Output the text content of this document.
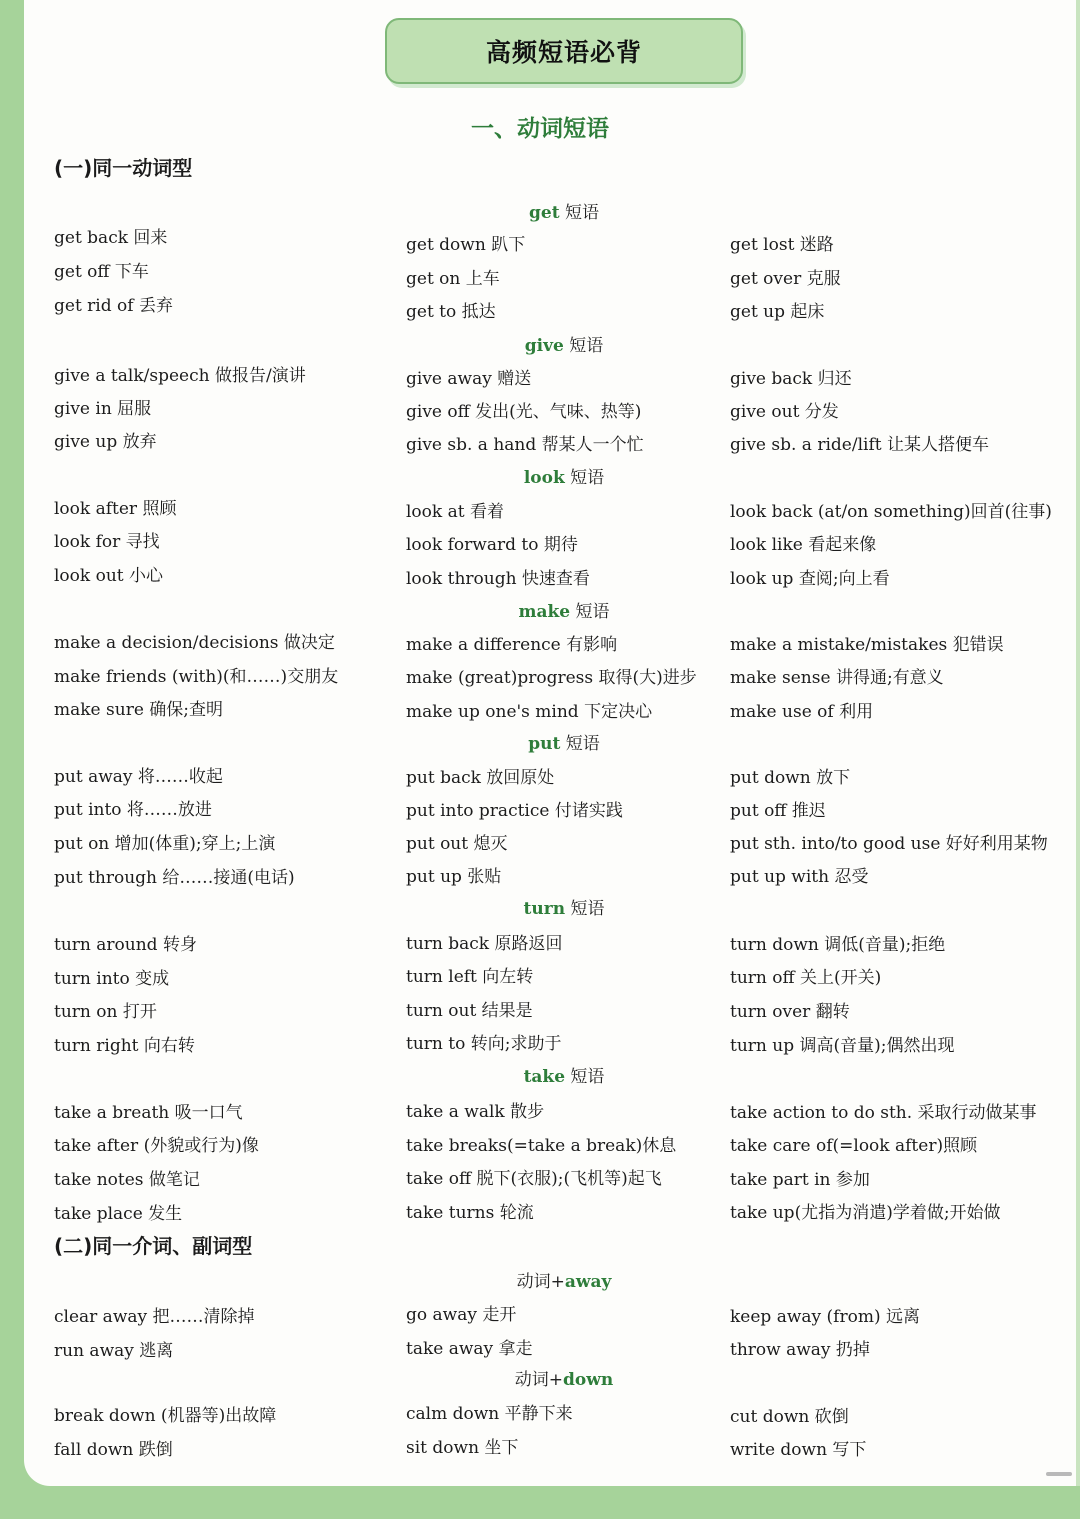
高频短语必背
一、动词短语
(一)同一动词型
(二)同一介词、副词型
get 短语
give 短语
look 短语
make 短语
put 短语
turn 短语
take 短语
动词+away
动词+down
get back 回来
get off 下车
get rid of 丢弃
get down 趴下
get on 上车
get to 抵达
get lost 迷路
get over 克服
get up 起床
give a talk/speech 做报告/演讲
give in 屈服
give up 放弃
give away 赠送
give off 发出(光、气味、热等)
give sb. a hand 帮某人一个忙
give back 归还
give out 分发
give sb. a ride/lift 让某人搭便车
look after 照顾
look for 寻找
look out 小心
look at 看着
look forward to 期待
look through 快速查看
look back (at/on something)回首(往事)
look like 看起来像
look up 查阅;向上看
make a decision/decisions 做决定
make friends (with)(和……)交朋友
make sure 确保;查明
make a difference 有影响
make (great)progress 取得(大)进步
make up one's mind 下定决心
make a mistake/mistakes 犯错误
make sense 讲得通;有意义
make use of 利用
put away 将……收起
put into 将……放进
put on 增加(体重);穿上;上演
put through 给……接通(电话)
put back 放回原处
put into practice 付诸实践
put out 熄灭
put up 张贴
put down 放下
put off 推迟
put sth. into/to good use 好好利用某物
put up with 忍受
turn around 转身
turn into 变成
turn on 打开
turn right 向右转
turn back 原路返回
turn left 向左转
turn out 结果是
turn to 转向;求助于
turn down 调低(音量);拒绝
turn off 关上(开关)
turn over 翻转
turn up 调高(音量);偶然出现
take a breath 吸一口气
take after (外貌或行为)像
take notes 做笔记
take place 发生
take a walk 散步
take breaks(=take a break)休息
take off 脱下(衣服);(飞机等)起飞
take turns 轮流
take action to do sth. 采取行动做某事
take care of(=look after)照顾
take part in 参加
take up(尤指为消遣)学着做;开始做
clear away 把……清除掉
run away 逃离
go away 走开
take away 拿走
keep away (from) 远离
throw away 扔掉
break down (机器等)出故障
fall down 跌倒
calm down 平静下来
sit down 坐下
cut down 砍倒
write down 写下
